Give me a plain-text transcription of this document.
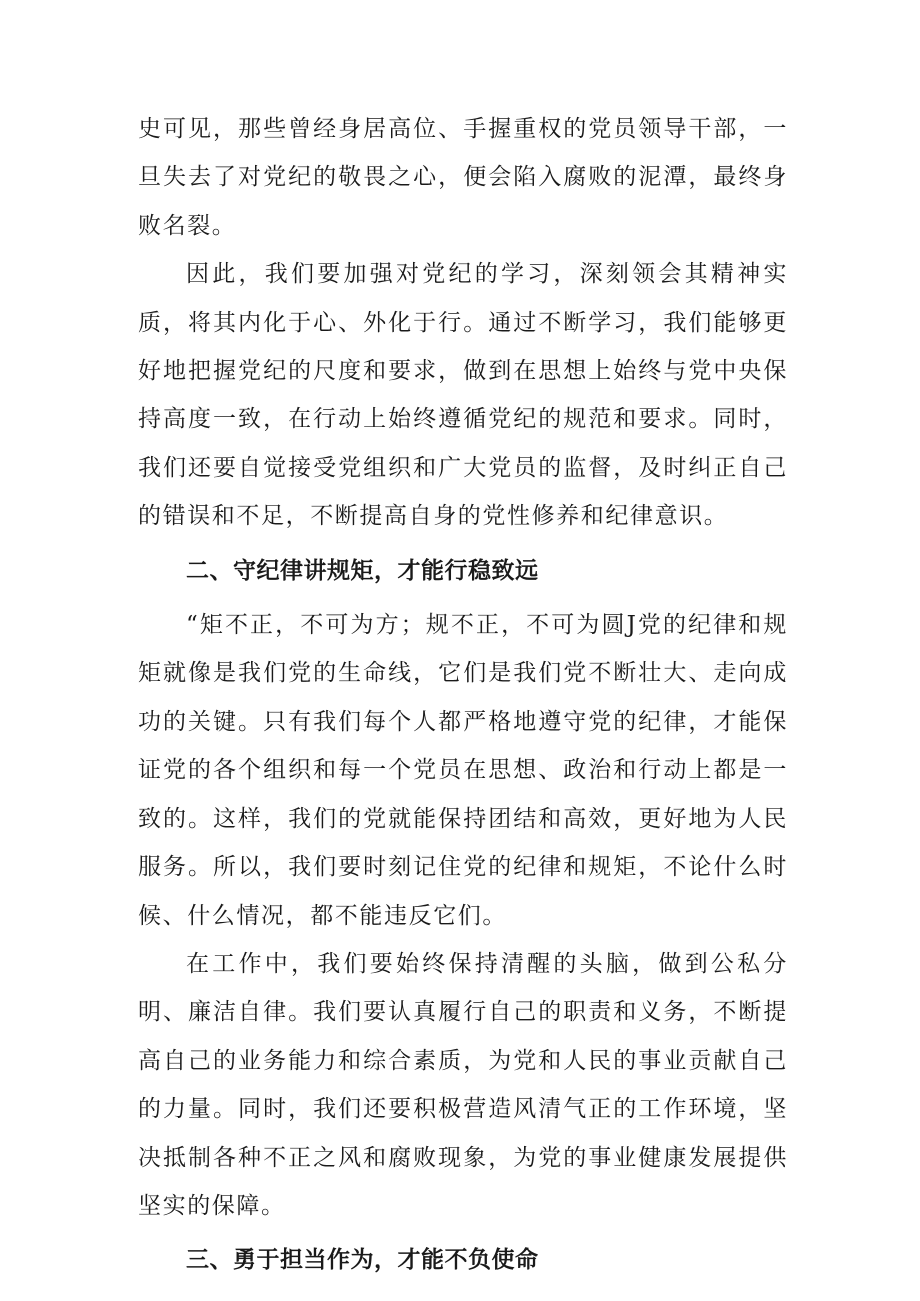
史可见，那些曾经身居高位、手握重权的党员领导干部，一旦失去了对党纪的敬畏之心，便会陷入腐败的泥潭，最终身败名裂。

因此，我们要加强对党纪的学习，深刻领会其精神实质，将其内化于心、外化于行。通过不断学习，我们能够更好地把握党纪的尺度和要求，做到在思想上始终与党中央保持高度一致，在行动上始终遵循党纪的规范和要求。同时，我们还要自觉接受党组织和广大党员的监督，及时纠正自己的错误和不足，不断提高自身的党性修养和纪律意识。

二、守纪律讲规矩，才能行稳致远

“矩不正，不可为方；规不正，不可为圆J党的纪律和规矩就像是我们党的生命线，它们是我们党不断壮大、走向成功的关键。只有我们每个人都严格地遵守党的纪律，才能保证党的各个组织和每一个党员在思想、政治和行动上都是一致的。这样，我们的党就能保持团结和高效，更好地为人民服务。所以，我们要时刻记住党的纪律和规矩，不论什么时候、什么情况，都不能违反它们。

在工作中，我们要始终保持清醒的头脑，做到公私分明、廉洁自律。我们要认真履行自己的职责和义务，不断提高自己的业务能力和综合素质，为党和人民的事业贡献自己的力量。同时，我们还要积极营造风清气正的工作环境，坚决抵制各种不正之风和腐败现象，为党的事业健康发展提供坚实的保障。

三、勇于担当作为，才能不负使命
